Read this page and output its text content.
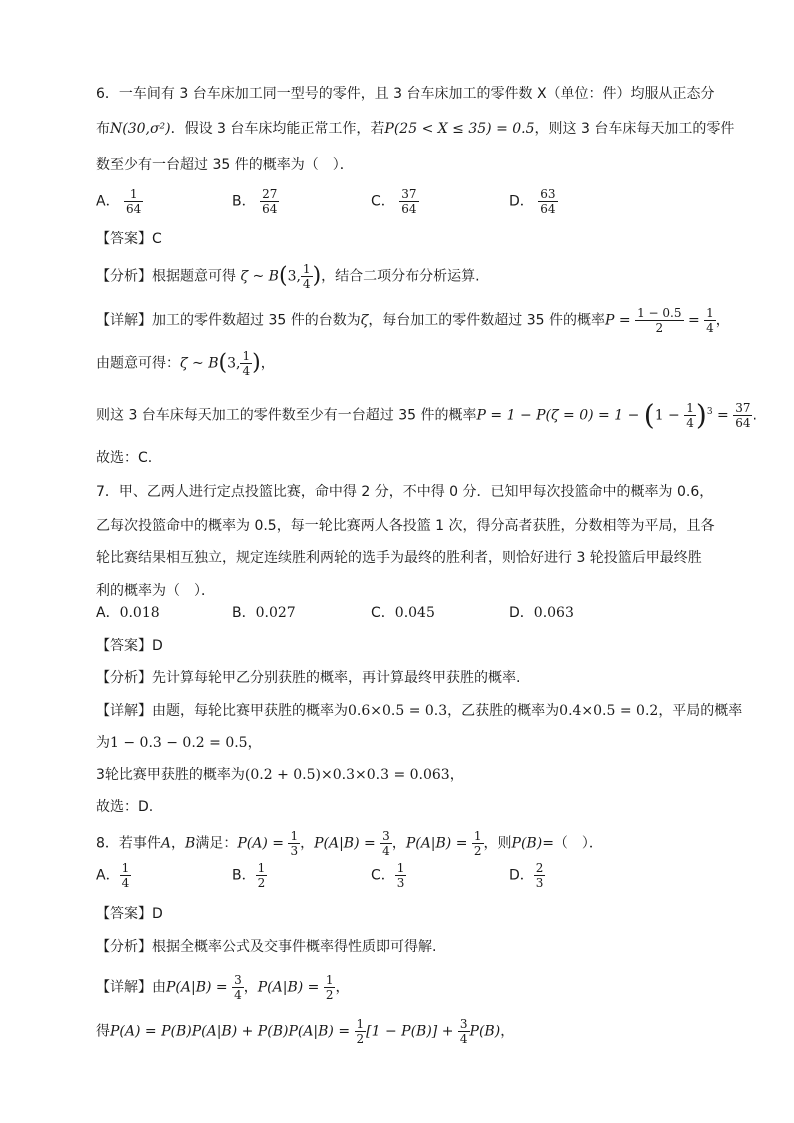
6．一车间有 3 台车床加工同一型号的零件，且 3 台车床加工的零件数 X（单位：件）均服从正态分
布N(30,σ²)．假设 3 台车床均能正常工作，若P(25 < X ≤ 35) = 0.5，则这 3 台车床每天加工的零件
数至少有一台超过 35 件的概率为（　）．
A． $\frac{1}{64}$	B． $\frac{27}{64}$	C． $\frac{37}{64}$	D． $\frac{63}{64}$
【答案】C
【分析】根据题意可得 ζ ~ B(3, $\frac{1}{4}$ )，结合二项分布分析运算.
【详解】加工的零件数超过 35 件的台数为ζ，每台加工的零件数超过 35 件的概率$P = \frac{1 - 0.5}{2} = \frac{1}{4}$ ，
由题意可得：ζ ~ B(3, $\frac{1}{4}$ )，
则这 3 台车床每天加工的零件数至少有一台超过 35 件的概率$P = 1 - P(\zeta = 0) = 1 - (1 - \frac{1}{4} )^3 = \frac{37}{64}$ .
故选：C.
7．甲、乙两人进行定点投篮比赛，命中得 2 分，不中得 0 分．已知甲每次投篮命中的概率为 0.6，
乙每次投篮命中的概率为 0.5，每一轮比赛两人各投篮 1 次，得分高者获胜，分数相等为平局，且各
轮比赛结果相互独立，规定连续胜利两轮的选手为最终的胜利者，则恰好进行 3 轮投篮后甲最终胜
利的概率为（　）．
A．0.018	B．0.027	C．0.045	D．0.063
【答案】D
【分析】先计算每轮甲乙分别获胜的概率，再计算最终甲获胜的概率.
【详解】由题，每轮比赛甲获胜的概率为0.6×0.5 = 0.3，乙获胜的概率为0.4×0.5 = 0.2，平局的概率
为1 − 0.3 − 0.2 = 0.5，
3轮比赛甲获胜的概率为(0.2 + 0.5)×0.3×0.3 = 0.063，
故选：D.
8．若事件A，B满足：$P(A) = \frac{1}{3}$ ，$P(A|B) = \frac{3}{4}$ ，$P(A|B) = \frac{1}{2}$ ，则P(B)=（　）．
A． $\frac{1}{4}$	B． $\frac{1}{2}$	C． $\frac{1}{3}$	D． $\frac{2}{3}$
【答案】D
【分析】根据全概率公式及交事件概率得性质即可得解.
【详解】由$P(A|B) = \frac{3}{4}$ ，$P(A|B) = \frac{1}{2}$ ，
得$P(A) = P(B)P(A|B) + P(B)P(A|B) = \frac{1}{2} [1 - P(B)] + \frac{3}{4} P(B)$，
